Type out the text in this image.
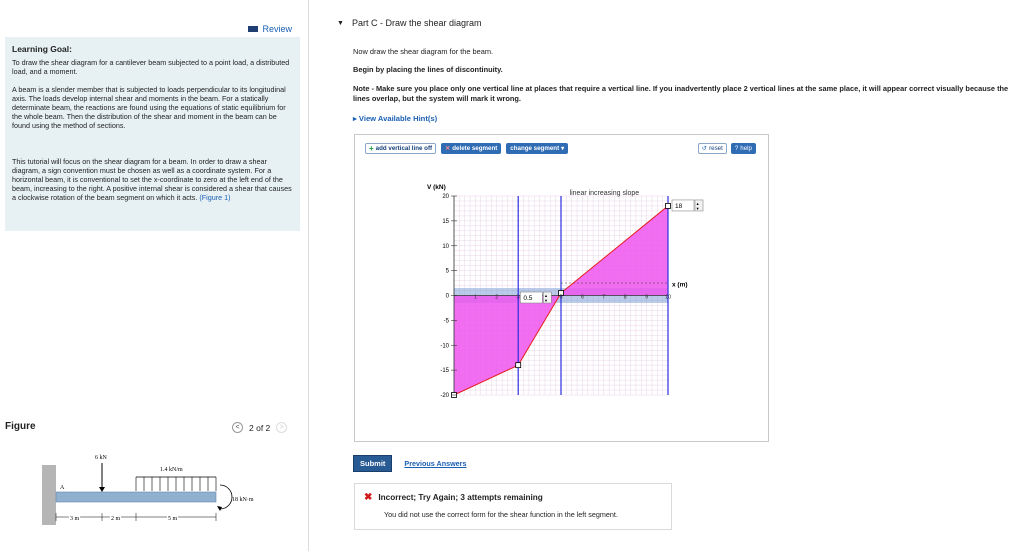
Review
Learning Goal:

To draw the shear diagram for a cantilever beam subjected to a point load, a distributed load, and a moment.

A beam is a slender member that is subjected to loads perpendicular to its longitudinal axis. The loads develop internal shear and moments in the beam. For a statically determinate beam, the reactions are found using the equations of static equilibrium for the whole beam. Then the distribution of the shear and moment in the beam can be found using the method of sections.

This tutorial will focus on the shear diagram for a beam. In order to draw a shear diagram, a sign convention must be chosen as well as a coordinate system. For a horizontal beam, it is conventional to set the x-coordinate to zero at the left end of the beam, increasing to the right. A positive internal shear is considered a shear that causes a clockwise rotation of the beam segment on which it acts. (Figure 1)

Figure	<	2 of 2	>
A
6 kN
1.4 kN/m
18 kN·m
3 m	2 m	5 m
▼ Part C - Draw the shear diagram
Now draw the shear diagram for the beam.
Begin by placing the lines of discontinuity.
Note - Make sure you place only one vertical line at places that require a vertical line. If you inadvertently place 2 vertical lines at the same place, it will appear correct visually because the lines overlap, but the system will mark it wrong.
▸ View Available Hint(s)
+ add vertical line off ✕ delete segment change segment ▾	↺ reset ? help
20
15
10
5
0
-5
-10
-15
-20
1	2	3	5	6	7	8	9	10
V (kN)
x (m)
linear increasing slope
0.5	▴
▾
18	▴
▾
Submit	Previous Answers
✖ Incorrect; Try Again; 3 attempts remaining
You did not use the correct form for the shear function in the left segment.
